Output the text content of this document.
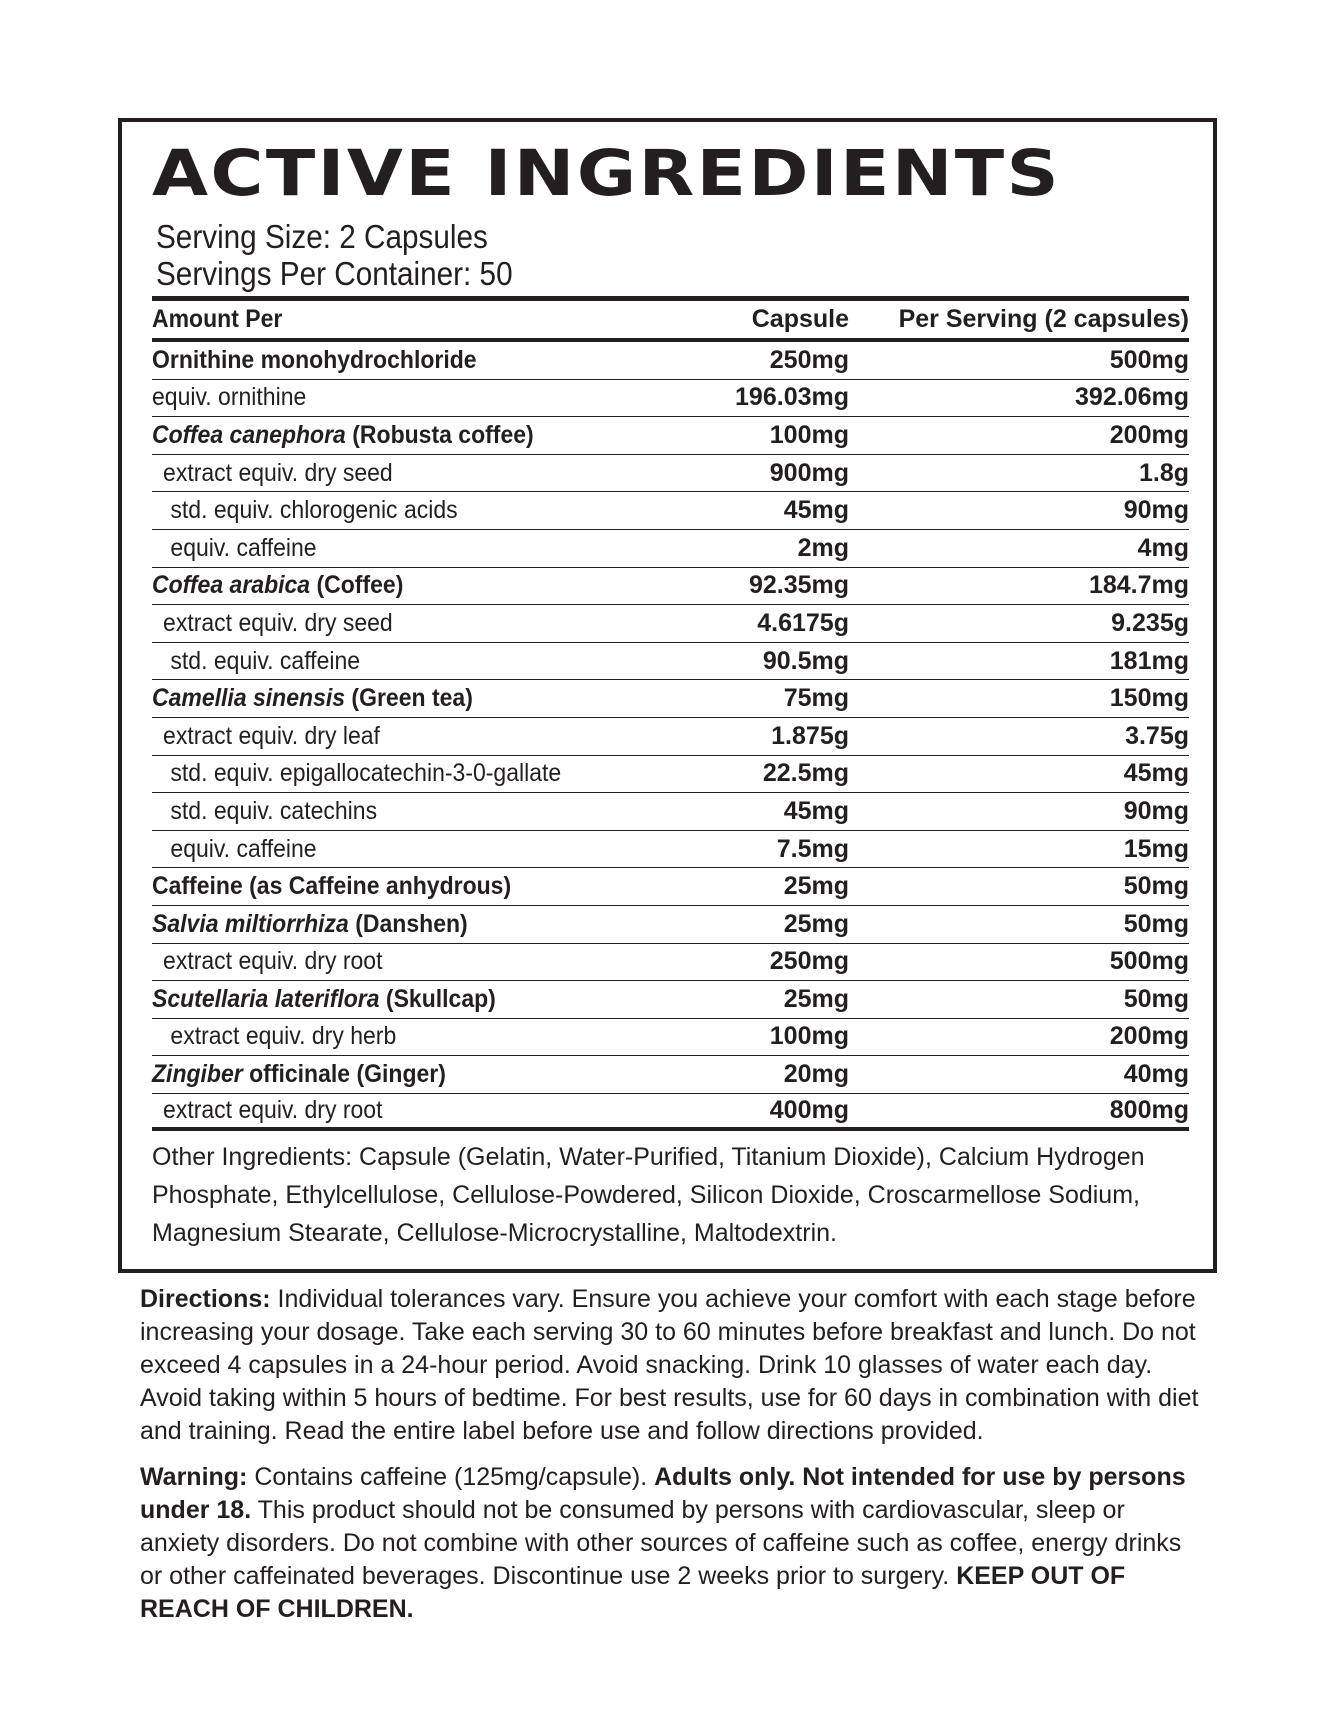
ACTIVE INGREDIENTS
Serving Size: 2 Capsules
Servings Per Container: 50
Amount Per	Capsule	Per Serving (2 capsules)
Ornithine monohydrochloride	250mg	500mg
equiv. ornithine	196.03mg	392.06mg
Coffea canephora (Robusta coffee)	100mg	200mg
extract equiv. dry seed	900mg	1.8g
std. equiv. chlorogenic acids	45mg	90mg
equiv. caffeine	2mg	4mg
Coffea arabica (Coffee)	92.35mg	184.7mg
extract equiv. dry seed	4.6175g	9.235g
std. equiv. caffeine	90.5mg	181mg
Camellia sinensis (Green tea)	75mg	150mg
extract equiv. dry leaf	1.875g	3.75g
std. equiv. epigallocatechin-3-0-gallate	22.5mg	45mg
std. equiv. catechins	45mg	90mg
equiv. caffeine	7.5mg	15mg
Caffeine (as Caffeine anhydrous)	25mg	50mg
Salvia miltiorrhiza (Danshen)	25mg	50mg
extract equiv. dry root	250mg	500mg
Scutellaria lateriflora (Skullcap)	25mg	50mg
extract equiv. dry herb	100mg	200mg
Zingiber officinale (Ginger)	20mg	40mg
extract equiv. dry root	400mg	800mg
Other Ingredients: Capsule (Gelatin, Water-Purified, Titanium Dioxide), Calcium Hydrogen Phosphate, Ethylcellulose, Cellulose-Powdered, Silicon Dioxide, Croscarmellose Sodium, Magnesium Stearate, Cellulose-Microcrystalline, Maltodextrin.

Directions: Individual tolerances vary. Ensure you achieve your comfort with each stage before increasing your dosage. Take each serving 30 to 60 minutes before breakfast and lunch. Do not exceed 4 capsules in a 24-hour period. Avoid snacking. Drink 10 glasses of water each day. Avoid taking within 5 hours of bedtime. For best results, use for 60 days in combination with diet and training. Read the entire label before use and follow directions provided.

Warning: Contains caffeine (125mg/capsule). Adults only. Not intended for use by persons under 18. This product should not be consumed by persons with cardiovascular, sleep or anxiety disorders. Do not combine with other sources of caffeine such as coffee, energy drinks or other caffeinated beverages. Discontinue use 2 weeks prior to surgery. KEEP OUT OF REACH OF CHILDREN.
